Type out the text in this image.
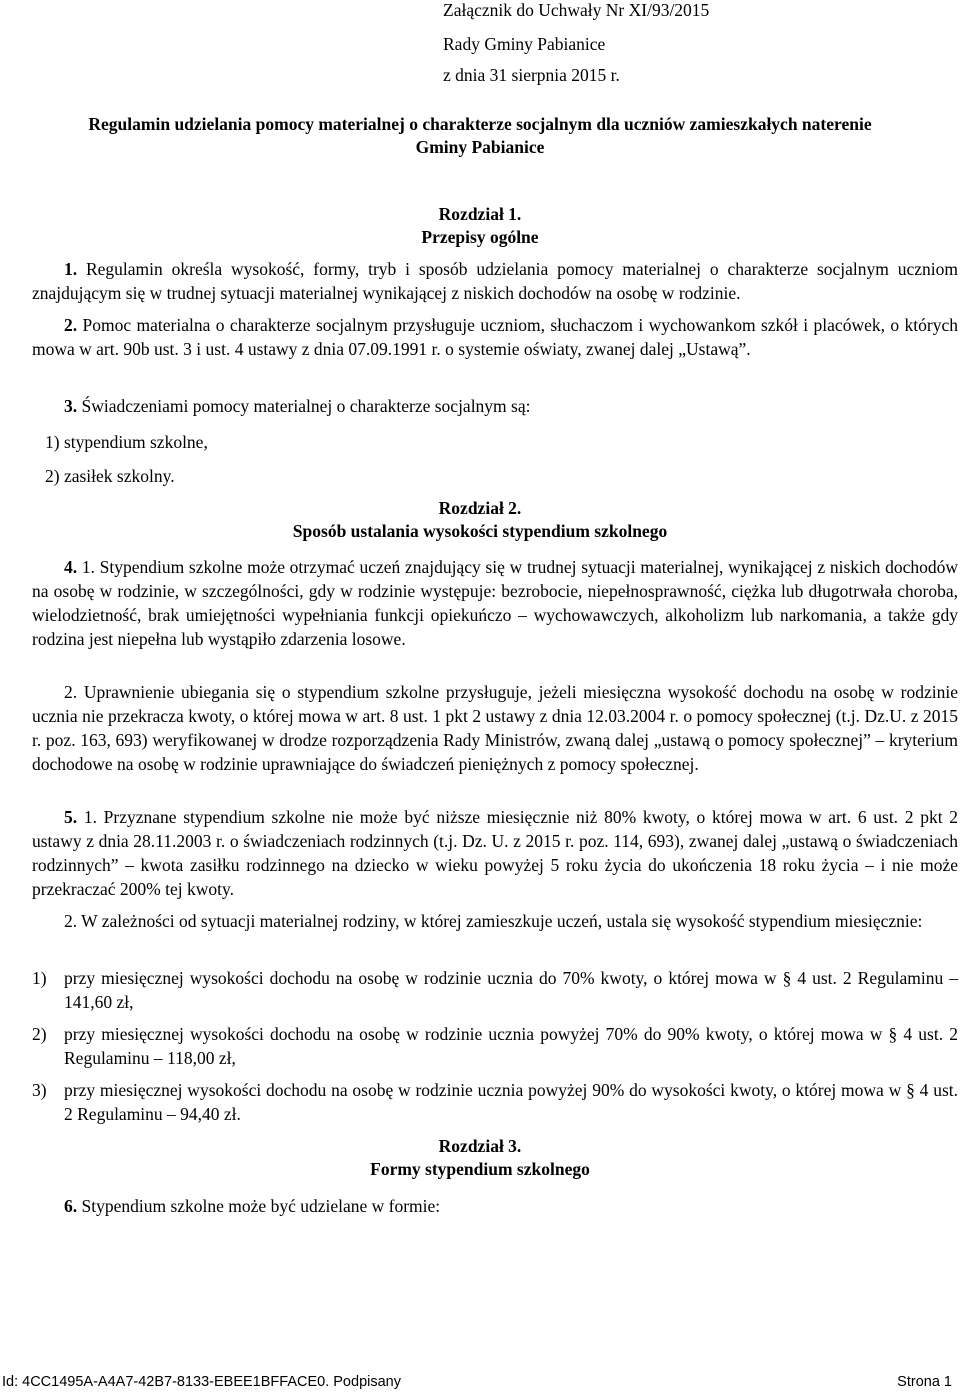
Załącznik do Uchwały Nr XI/93/2015

Rady Gminy Pabianice

z dnia 31 sierpnia 2015 r.

Regulamin udzielania pomocy materialnej o charakterze socjalnym dla uczniów zamieszkałych naterenie

Gminy Pabianice

Rozdział 1.

Przepisy ogólne

1. Regulamin określa wysokość, formy, tryb i sposób udzielania pomocy materialnej o charakterze socjalnym uczniom znajdującym się w trudnej sytuacji materialnej wynikającej z niskich dochodów na osobę w rodzinie.

2. Pomoc materialna o charakterze socjalnym przysługuje uczniom, słuchaczom i wychowankom szkół i placówek, o których mowa w art. 90b ust. 3 i ust. 4 ustawy z dnia 07.09.1991 r. o systemie oświaty, zwanej dalej „Ustawą”.

3. Świadczeniami pomocy materialnej o charakterze socjalnym są:

1) stypendium szkolne,

2) zasiłek szkolny.

Rozdział 2.

Sposób ustalania wysokości stypendium szkolnego

4. 1. Stypendium szkolne może otrzymać uczeń znajdujący się w trudnej sytuacji materialnej, wynikającej z niskich dochodów na osobę w rodzinie, w szczególności, gdy w rodzinie występuje: bezrobocie, niepełnosprawność, ciężka lub długotrwała choroba, wielodzietność, brak umiejętności wypełniania funkcji opiekuńczo – wychowawczych, alkoholizm lub narkomania, a także gdy rodzina jest niepełna lub wystąpiło zdarzenia losowe.

2. Uprawnienie ubiegania się o stypendium szkolne przysługuje, jeżeli miesięczna wysokość dochodu na osobę w rodzinie ucznia nie przekracza kwoty, o której mowa w art. 8 ust. 1 pkt 2 ustawy z dnia 12.03.2004 r. o pomocy społecznej (t.j. Dz.U. z 2015 r. poz. 163, 693) weryfikowanej w drodze rozporządzenia Rady Ministrów, zwaną dalej „ustawą o pomocy społecznej” – kryterium dochodowe na osobę w rodzinie uprawniające do świadczeń pieniężnych z pomocy społecznej.

5. 1. Przyznane stypendium szkolne nie może być niższe miesięcznie niż 80% kwoty, o której mowa w art. 6 ust. 2 pkt 2 ustawy z dnia 28.11.2003 r. o świadczeniach rodzinnych (t.j. Dz. U. z 2015 r. poz. 114, 693), zwanej dalej „ustawą o świadczeniach rodzinnych” – kwota zasiłku rodzinnego na dziecko w wieku powyżej 5 roku życia do ukończenia 18 roku życia – i nie może przekraczać 200% tej kwoty.

2. W zależności od sytuacji materialnej rodziny, w której zamieszkuje uczeń, ustala się wysokość stypendium miesięcznie:

1) przy miesięcznej wysokości dochodu na osobę w rodzinie ucznia do 70% kwoty, o której mowa w § 4 ust. 2 Regulaminu – 141,60 zł,
2) przy miesięcznej wysokości dochodu na osobę w rodzinie ucznia powyżej 70% do 90% kwoty, o której mowa w § 4 ust. 2 Regulaminu – 118,00 zł,
3) przy miesięcznej wysokości dochodu na osobę w rodzinie ucznia powyżej 90% do wysokości kwoty, o której mowa w § 4 ust. 2 Regulaminu – 94,40 zł.

Rozdział 3.

Formy stypendium szkolnego

6. Stypendium szkolne może być udzielane w formie:

Id: 4CC1495A-A4A7-42B7-8133-EBEE1BFFACE0. Podpisany	Strona 1
